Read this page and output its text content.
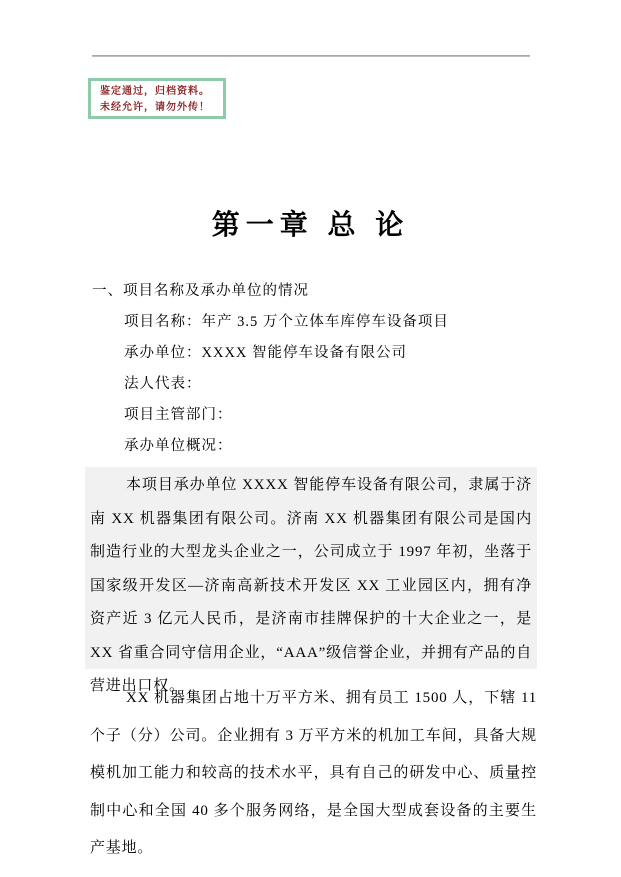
鉴定通过，归档资料。
未经允许，请勿外传！
第一章 总 论
一、项目名称及承办单位的情况
项目名称：年产 3.5 万个立体车库停车设备项目
承办单位：XXXX 智能停车设备有限公司
法人代表：
项目主管部门：
承办单位概况：
本项目承办单位 XXXX 智能停车设备有限公司，隶属于济南 XX 机器集团有限公司。济南 XX 机器集团有限公司是国内制造行业的大型龙头企业之一，公司成立于 1997 年初，坐落于国家级开发区—济南高新技术开发区 XX 工业园区内，拥有净资产近 3 亿元人民币，是济南市挂牌保护的十大企业之一，是 XX 省重合同守信用企业，“AAA”级信誉企业，并拥有产品的自营进出口权。
XX 机器集团占地十万平方米、拥有员工 1500 人，下辖 11 个子（分）公司。企业拥有 3 万平方米的机加工车间，具备大规模机加工能力和较高的技术水平，具有自己的研发中心、质量控制中心和全国 40 多个服务网络，是全国大型成套设备的主要生产基地。
